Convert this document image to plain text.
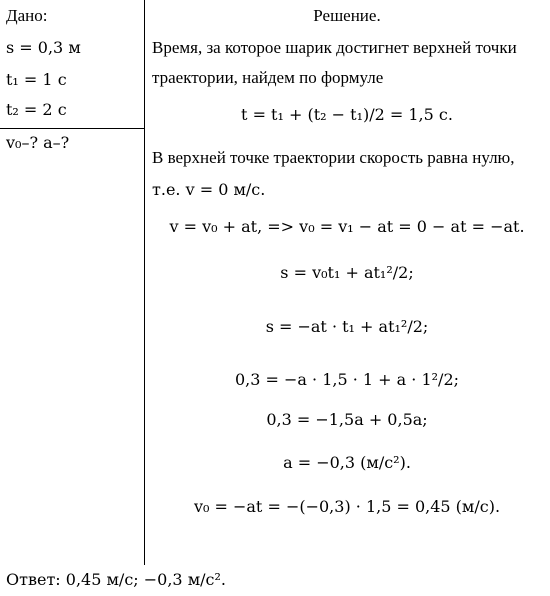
Дано:
s = 0,3 м
t₁ = 1 с
t₂ = 2 с
v₀–? a–?
Решение.
Время, за которое шарик достигнет верхней точки
траектории, найдем по формуле
t = t₁ + (t₂ − t₁)/2 = 1,5 с.
В верхней точке траектории скорость равна нулю,
т.е. v = 0 м/с.
v = v₀ + at, => v₀ = v₁ − at = 0 − at = −at.
s = v₀t₁ + at₁²/2;
s = −at · t₁ + at₁²/2;
0,3 = −a · 1,5 · 1 + a · 1²/2;
0,3 = −1,5a + 0,5a;
a = −0,3 (м/с²).
v₀ = −at = −(−0,3) · 1,5 = 0,45 (м/с).
Ответ: 0,45 м/с; −0,3 м/с².
